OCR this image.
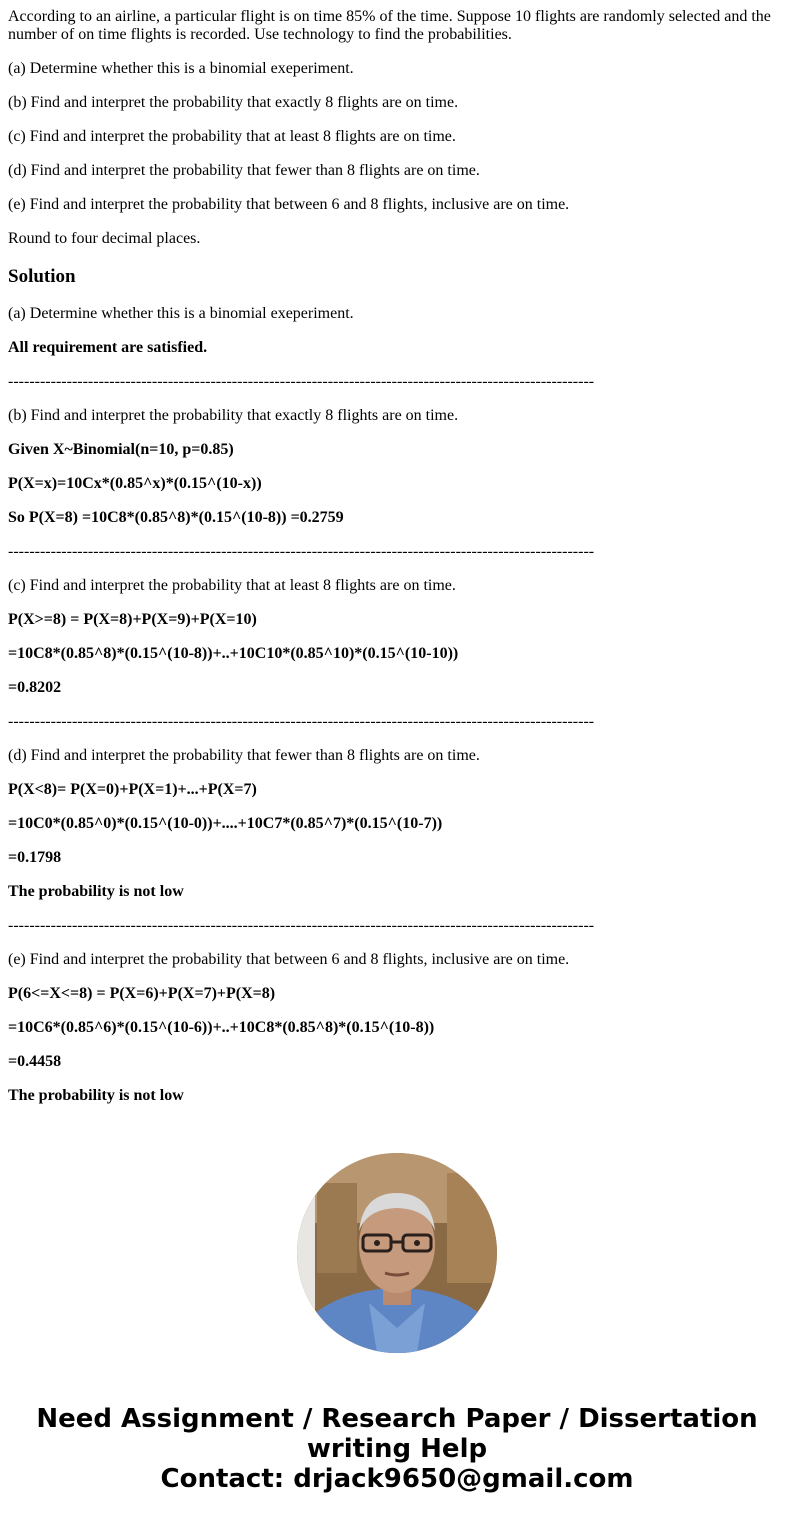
According to an airline, a particular flight is on time 85% of the time. Suppose 10 flights are randomly selected and the number of on time flights is recorded. Use technology to find the probabilities.

(a) Determine whether this is a binomial exeperiment.

(b) Find and interpret the probability that exactly 8 flights are on time.

(c) Find and interpret the probability that at least 8 flights are on time.

(d) Find and interpret the probability that fewer than 8 flights are on time.

(e) Find and interpret the probability that between 6 and 8 flights, inclusive are on time.

Round to four decimal places.

Solution

(a) Determine whether this is a binomial exeperiment.

All requirement are satisfied.

--------------------------------------------------------------------------------------------------------------

(b) Find and interpret the probability that exactly 8 flights are on time.

Given X~Binomial(n=10, p=0.85)

P(X=x)=10Cx*(0.85^x)*(0.15^(10-x))

So P(X=8) =10C8*(0.85^8)*(0.15^(10-8)) =0.2759

--------------------------------------------------------------------------------------------------------------

(c) Find and interpret the probability that at least 8 flights are on time.

P(X>=8) = P(X=8)+P(X=9)+P(X=10)

=10C8*(0.85^8)*(0.15^(10-8))+..+10C10*(0.85^10)*(0.15^(10-10))

=0.8202

--------------------------------------------------------------------------------------------------------------

(d) Find and interpret the probability that fewer than 8 flights are on time.

P(X<8)= P(X=0)+P(X=1)+...+P(X=7)

=10C0*(0.85^0)*(0.15^(10-0))+....+10C7*(0.85^7)*(0.15^(10-7))

=0.1798

The probability is not low

--------------------------------------------------------------------------------------------------------------

(e) Find and interpret the probability that between 6 and 8 flights, inclusive are on time.

P(6<=X<=8) = P(X=6)+P(X=7)+P(X=8)

=10C6*(0.85^6)*(0.15^(10-6))+..+10C8*(0.85^8)*(0.15^(10-8))

=0.4458

The probability is not low

Need Assignment / Research Paper / Dissertation
writing Help
Contact: drjack9650@gmail.com
